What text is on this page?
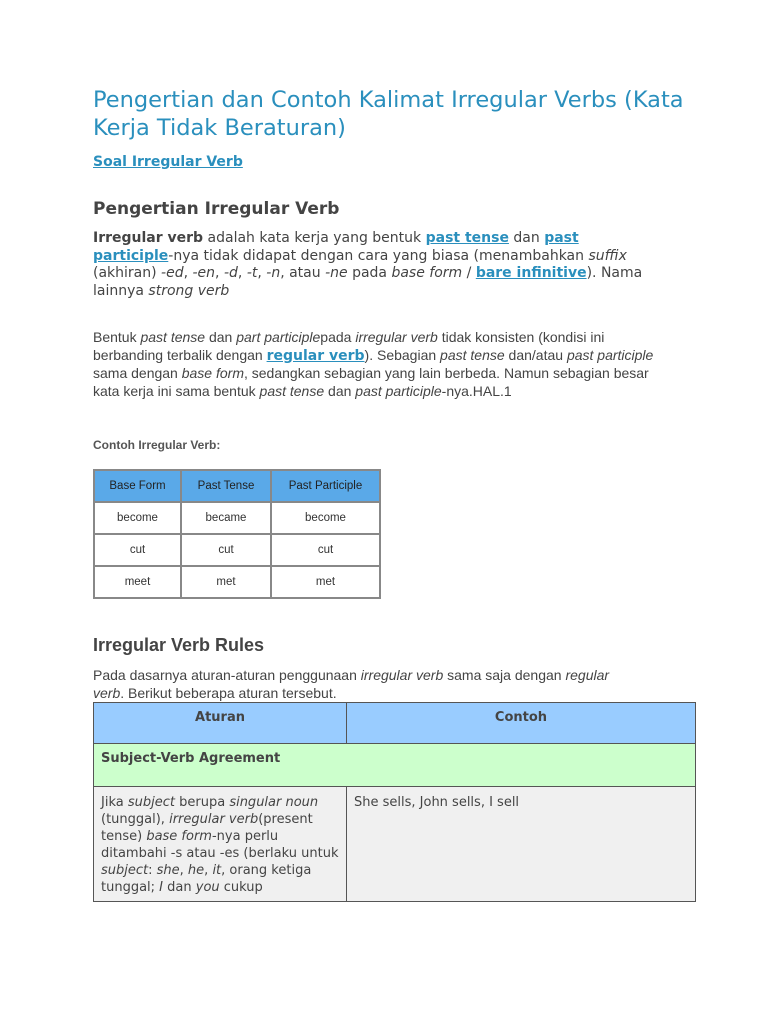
Pengertian dan Contoh Kalimat Irregular Verbs (Kata Kerja Tidak Beraturan)
Soal Irregular Verb
Pengertian Irregular Verb

Irregular verb adalah kata kerja yang bentuk past tense dan past participle-nya tidak didapat dengan cara yang biasa (menambahkan suffix (akhiran) -ed, -en, -d, -t, -n, atau -ne pada base form / bare infinitive). Nama lainnya strong verb

Bentuk past tense dan part participlepada irregular verb tidak konsisten (kondisi ini berbanding terbalik dengan regular verb). Sebagian past tense dan/atau past participle sama dengan base form, sedangkan sebagian yang lain berbeda. Namun sebagian besar kata kerja ini sama bentuk past tense dan past participle-nya.HAL.1

Contoh Irregular Verb:
Base Form	Past Tense	Past Participle
become	became	become
cut	cut	cut
meet	met	met
Irregular Verb Rules

Pada dasarnya aturan-aturan penggunaan irregular verb sama saja dengan regular verb. Berikut beberapa aturan tersebut.

Aturan	Contoh
Subject-Verb Agreement	
Jika subject berupa singular noun (tunggal), irregular verb(present tense) base form-nya perlu ditambahi -s atau -es (berlaku untuk subject: she, he, it, orang ketiga tunggal; I dan you cukup	She sells, John sells, I sell
